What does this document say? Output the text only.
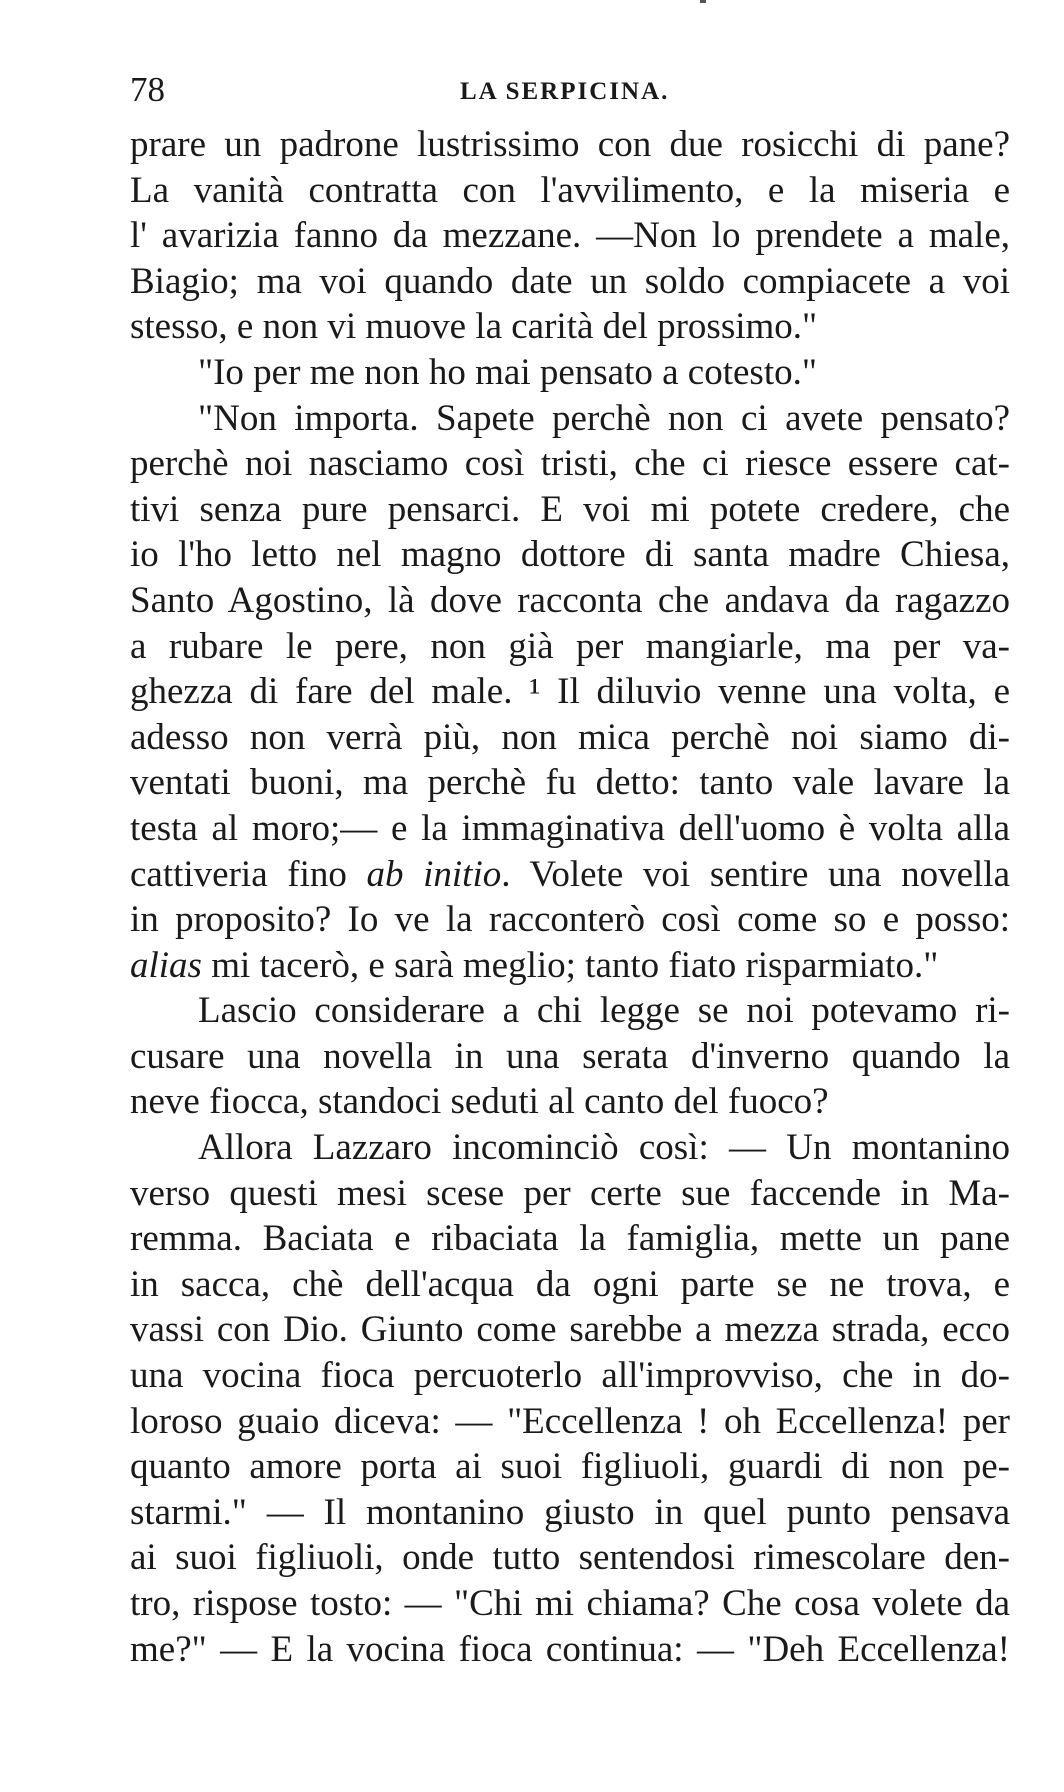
78	LA SERPICINA.
prare un padrone lustrissimo con due rosicchi di pane?
La vanità contratta con l'avvilimento, e la miseria e
l' avarizia fanno da mezzane. —Non lo prendete a male,
Biagio; ma voi quando date un soldo compiacete a voi
stesso, e non vi muove la carità del prossimo."
"Io per me non ho mai pensato a cotesto."
"Non importa. Sapete perchè non ci avete pensato?
perchè noi nasciamo così tristi, che ci riesce essere cat-
tivi senza pure pensarci. E voi mi potete credere, che
io l'ho letto nel magno dottore di santa madre Chiesa,
Santo Agostino, là dove racconta che andava da ragazzo
a rubare le pere, non già per mangiarle, ma per va-
ghezza di fare del male. ¹ Il diluvio venne una volta, e
adesso non verrà più, non mica perchè noi siamo di-
ventati buoni, ma perchè fu detto: tanto vale lavare la
testa al moro;— e la immaginativa dell'uomo è volta alla
cattiveria fino ab initio. Volete voi sentire una novella
in proposito? Io ve la racconterò così come so e posso:
alias mi tacerò, e sarà meglio; tanto fiato risparmiato."
Lascio considerare a chi legge se noi potevamo ri-
cusare una novella in una serata d'inverno quando la
neve fiocca, standoci seduti al canto del fuoco?
Allora Lazzaro incominciò così: — Un montanino
verso questi mesi scese per certe sue faccende in Ma-
remma. Baciata e ribaciata la famiglia, mette un pane
in sacca, chè dell'acqua da ogni parte se ne trova, e
vassi con Dio. Giunto come sarebbe a mezza strada, ecco
una vocina fioca percuoterlo all'improvviso, che in do-
loroso guaio diceva: — "Eccellenza ! oh Eccellenza! per
quanto amore porta ai suoi figliuoli, guardi di non pe-
starmi." — Il montanino giusto in quel punto pensava
ai suoi figliuoli, onde tutto sentendosi rimescolare den-
tro, rispose tosto: — "Chi mi chiama? Che cosa volete da
me?" — E la vocina fioca continua: — "Deh Eccellenza!
